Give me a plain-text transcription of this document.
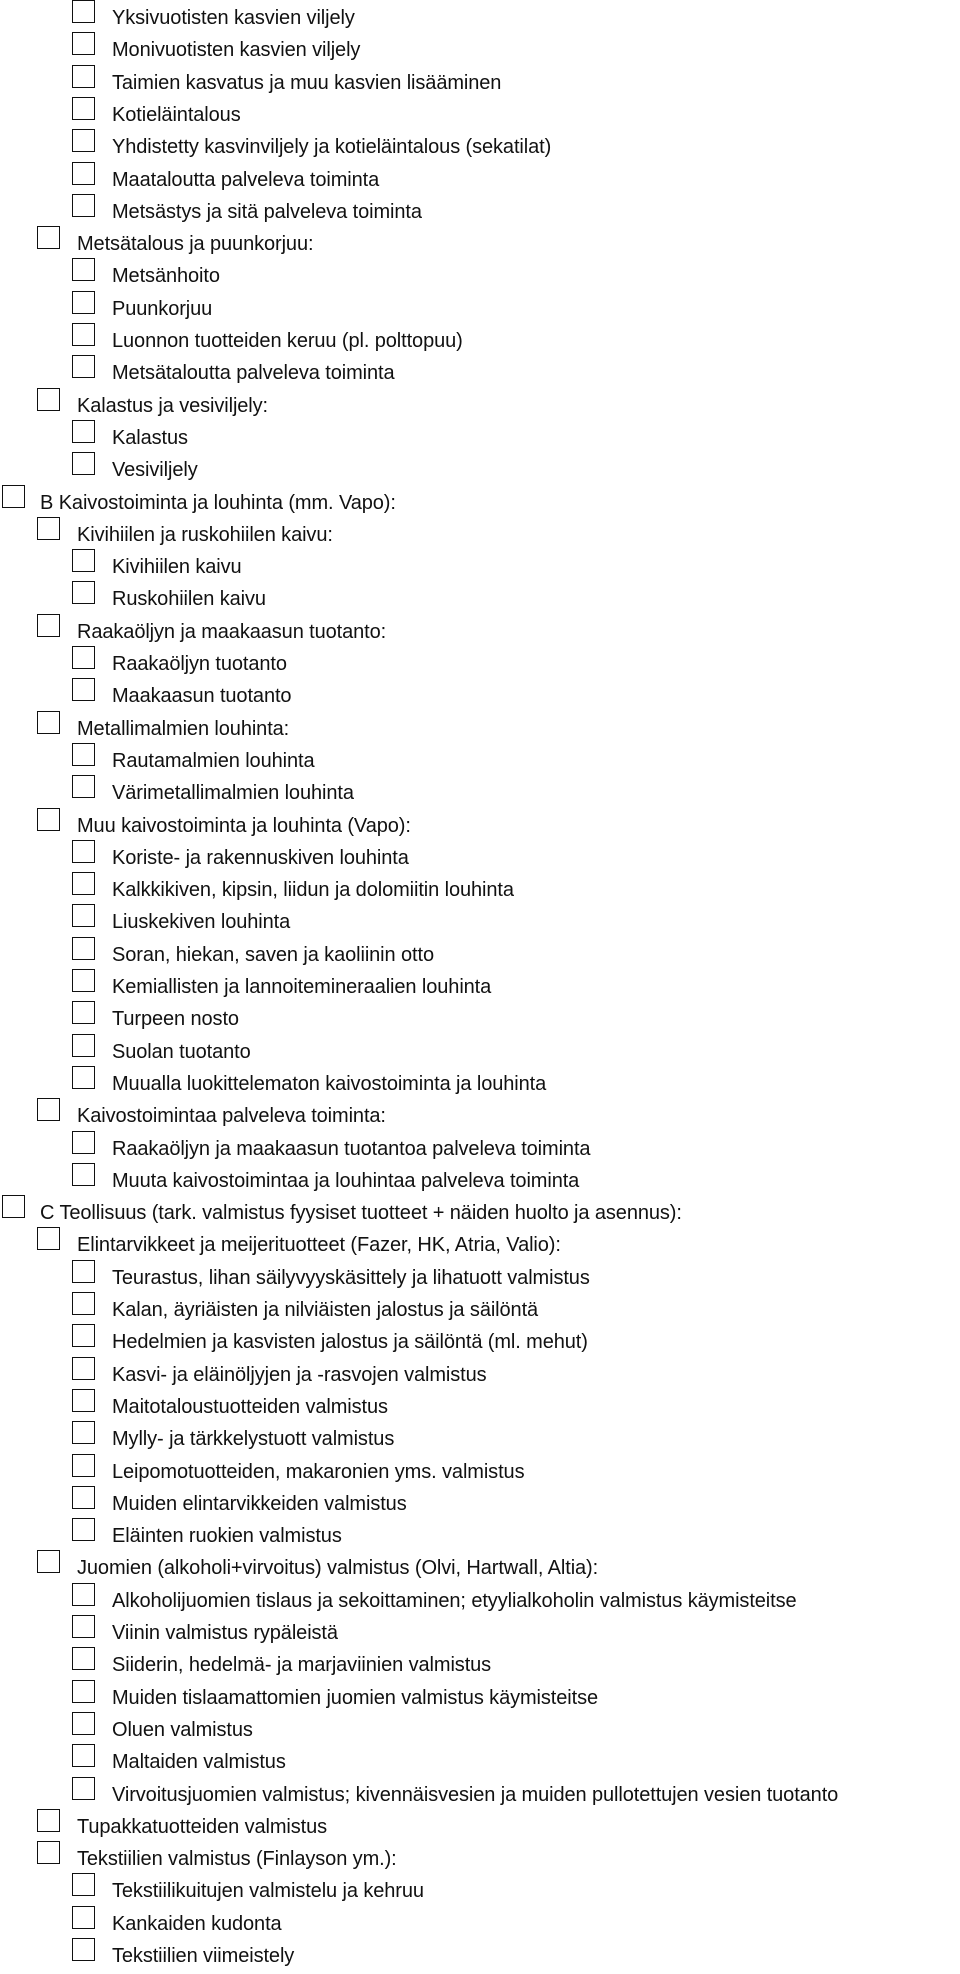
Yksivuotisten kasvien viljely
Monivuotisten kasvien viljely
Taimien kasvatus ja muu kasvien lisääminen
Kotieläintalous
Yhdistetty kasvinviljely ja kotieläintalous (sekatilat)
Maataloutta palveleva toiminta
Metsästys ja sitä palveleva toiminta
Metsätalous ja puunkorjuu:
Metsänhoito
Puunkorjuu
Luonnon tuotteiden keruu (pl. polttopuu)
Metsätaloutta palveleva toiminta
Kalastus ja vesiviljely:
Kalastus
Vesiviljely
B Kaivostoiminta ja louhinta (mm. Vapo):
Kivihiilen ja ruskohiilen kaivu:
Kivihiilen kaivu
Ruskohiilen kaivu
Raakaöljyn ja maakaasun tuotanto:
Raakaöljyn tuotanto
Maakaasun tuotanto
Metallimalmien louhinta:
Rautamalmien louhinta
Värimetallimalmien louhinta
Muu kaivostoiminta ja louhinta (Vapo):
Koriste- ja rakennuskiven louhinta
Kalkkikiven, kipsin, liidun ja dolomiitin louhinta
Liuskekiven louhinta
Soran, hiekan, saven ja kaoliinin otto
Kemiallisten ja lannoitemineraalien louhinta
Turpeen nosto
Suolan tuotanto
Muualla luokittelematon kaivostoiminta ja louhinta
Kaivostoimintaa palveleva toiminta:
Raakaöljyn ja maakaasun tuotantoa palveleva toiminta
Muuta kaivostoimintaa ja louhintaa palveleva toiminta
C Teollisuus (tark. valmistus fyysiset tuotteet + näiden huolto ja asennus):
Elintarvikkeet ja meijerituotteet (Fazer, HK, Atria, Valio):
Teurastus, lihan säilyvyyskäsittely ja lihatuott valmistus
Kalan, äyriäisten ja nilviäisten jalostus ja säilöntä
Hedelmien ja kasvisten jalostus ja säilöntä (ml. mehut)
Kasvi- ja eläinöljyjen ja -rasvojen valmistus
Maitotaloustuotteiden valmistus
Mylly- ja tärkkelystuott valmistus
Leipomotuotteiden, makaronien yms. valmistus
Muiden elintarvikkeiden valmistus
Eläinten ruokien valmistus
Juomien (alkoholi+virvoitus) valmistus (Olvi, Hartwall, Altia):
Alkoholijuomien tislaus ja sekoittaminen; etyylialkoholin valmistus käymisteitse
Viinin valmistus rypäleistä
Siiderin, hedelmä- ja marjaviinien valmistus
Muiden tislaamattomien juomien valmistus käymisteitse
Oluen valmistus
Maltaiden valmistus
Virvoitusjuomien valmistus; kivennäisvesien ja muiden pullotettujen vesien tuotanto
Tupakkatuotteiden valmistus
Tekstiilien valmistus (Finlayson ym.):
Tekstiilikuitujen valmistelu ja kehruu
Kankaiden kudonta
Tekstiilien viimeistely
